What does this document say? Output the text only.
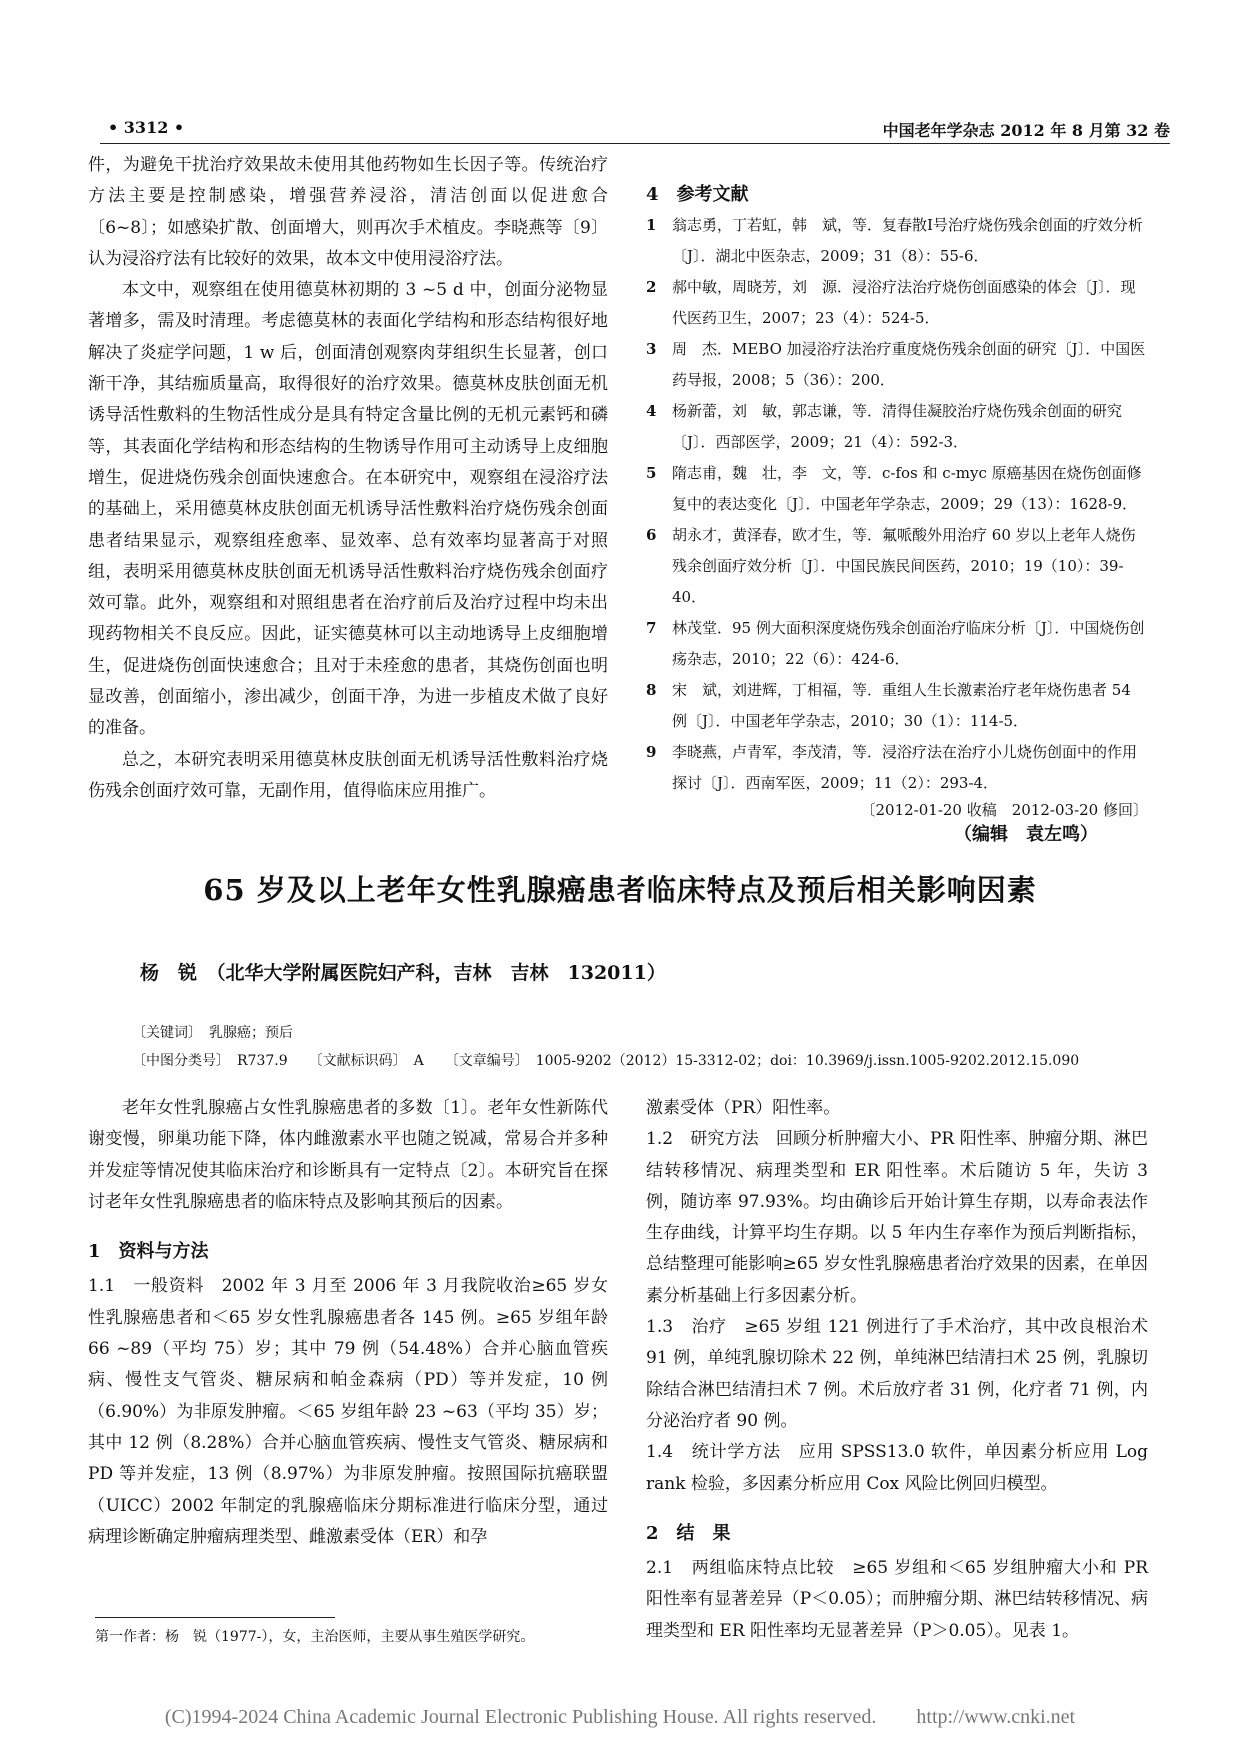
• 3312 •	中国老年学杂志 2012 年 8 月第 32 卷

件，为避免干扰治疗效果故未使用其他药物如生长因子等。传统治疗方法主要是控制感染，增强营养浸浴，清洁创面以促进愈合〔6~8〕；如感染扩散、创面增大，则再次手术植皮。李晓燕等〔9〕认为浸浴疗法有比较好的效果，故本文中使用浸浴疗法。

本文中，观察组在使用德莫林初期的 3 ~5 d 中，创面分泌物显著增多，需及时清理。考虑德莫林的表面化学结构和形态结构很好地解决了炎症学问题，1 w 后，创面清创观察肉芽组织生长显著，创口渐干净，其结痂质量高，取得很好的治疗效果。德莫林皮肤创面无机诱导活性敷料的生物活性成分是具有特定含量比例的无机元素钙和磷等，其表面化学结构和形态结构的生物诱导作用可主动诱导上皮细胞增生，促进烧伤残余创面快速愈合。在本研究中，观察组在浸浴疗法的基础上，采用德莫林皮肤创面无机诱导活性敷料治疗烧伤残余创面患者结果显示，观察组痊愈率、显效率、总有效率均显著高于对照组，表明采用德莫林皮肤创面无机诱导活性敷料治疗烧伤残余创面疗效可靠。此外，观察组和对照组患者在治疗前后及治疗过程中均未出现药物相关不良反应。因此，证实德莫林可以主动地诱导上皮细胞增生，促进烧伤创面快速愈合；且对于未痊愈的患者，其烧伤创面也明显改善，创面缩小，渗出减少，创面干净，为进一步植皮术做了良好的准备。

总之，本研究表明采用德莫林皮肤创面无机诱导活性敷料治疗烧伤残余创面疗效可靠，无副作用，值得临床应用推广。

4　参考文献
1	翁志勇，丁若虹，韩　斌，等．复春散Ⅰ号治疗烧伤残余创面的疗效分析〔J〕．湖北中医杂志，2009；31（8）：55-6．
2	郝中敏，周晓芳，刘　源．浸浴疗法治疗烧伤创面感染的体会〔J〕．现代医药卫生，2007；23（4）：524-5．
3	周　杰．MEBO 加浸浴疗法治疗重度烧伤残余创面的研究〔J〕．中国医药导报，2008；5（36）：200．
4	杨新蕾，刘　敏，郭志谦，等．清得佳凝胶治疗烧伤残余创面的研究〔J〕．西部医学，2009；21（4）：592-3．
5	隋志甫，魏　壮，李　文，等．c-fos 和 c-myc 原癌基因在烧伤创面修复中的表达变化〔J〕．中国老年学杂志，2009；29（13）：1628-9．
6	胡永才，黄泽春，欧才生，等．氟哌酸外用治疗 60 岁以上老年人烧伤残余创面疗效分析〔J〕．中国民族民间医药，2010；19（10）：39-40．
7	林茂堂．95 例大面积深度烧伤残余创面治疗临床分析〔J〕．中国烧伤创疡杂志，2010；22（6）：424-6．
8	宋　斌，刘进辉，丁相福，等．重组人生长激素治疗老年烧伤患者 54 例〔J〕．中国老年学杂志，2010；30（1）：114-5．
9	李晓燕，卢青军，李茂清，等．浸浴疗法在治疗小儿烧伤创面中的作用探讨〔J〕．西南军医，2009；11（2）：293-4．
〔2012-01-20 收稿　2012-03-20 修回〕
（编辑　袁左鸣）
65 岁及以上老年女性乳腺癌患者临床特点及预后相关影响因素
杨　锐　（北华大学附属医院妇产科，吉林　吉林　132011）
〔关键词〕　乳腺癌；预后
〔中图分类号〕　R737.9　　〔文献标识码〕　A　　〔文章编号〕　1005-9202（2012）15-3312-02；doi：10.3969/j.issn.1005-9202.2012.15.090

老年女性乳腺癌占女性乳腺癌患者的多数〔1〕。老年女性新陈代谢变慢，卵巢功能下降，体内雌激素水平也随之锐减，常易合并多种并发症等情况使其临床治疗和诊断具有一定特点〔2〕。本研究旨在探讨老年女性乳腺癌患者的临床特点及影响其预后的因素。

1　资料与方法

1.1　一般资料　2002 年 3 月至 2006 年 3 月我院收治≥65 岁女性乳腺癌患者和＜65 岁女性乳腺癌患者各 145 例。≥65 岁组年龄 66 ~89（平均 75）岁；其中 79 例（54.48%）合并心脑血管疾病、慢性支气管炎、糖尿病和帕金森病（PD）等并发症，10 例（6.90%）为非原发肿瘤。＜65 岁组年龄 23 ~63（平均 35）岁；其中 12 例（8.28%）合并心脑血管疾病、慢性支气管炎、糖尿病和 PD 等并发症，13 例（8.97%）为非原发肿瘤。按照国际抗癌联盟（UICC）2002 年制定的乳腺癌临床分期标准进行临床分型，通过病理诊断确定肿瘤病理类型、雌激素受体（ER）和孕

激素受体（PR）阳性率。

1.2　研究方法　回顾分析肿瘤大小、PR 阳性率、肿瘤分期、淋巴结转移情况、病理类型和 ER 阳性率。术后随访 5 年，失访 3 例，随访率 97.93%。均由确诊后开始计算生存期，以寿命表法作生存曲线，计算平均生存期。以 5 年内生存率作为预后判断指标，总结整理可能影响≥65 岁女性乳腺癌患者治疗效果的因素，在单因素分析基础上行多因素分析。

1.3　治疗　≥65 岁组 121 例进行了手术治疗，其中改良根治术 91 例，单纯乳腺切除术 22 例，单纯淋巴结清扫术 25 例，乳腺切除结合淋巴结清扫术 7 例。术后放疗者 31 例，化疗者 71 例，内分泌治疗者 90 例。

1.4　统计学方法　应用 SPSS13.0 软件，单因素分析应用 Log rank 检验，多因素分析应用 Cox 风险比例回归模型。

2　结　果

2.1　两组临床特点比较　≥65 岁组和＜65 岁组肿瘤大小和 PR 阳性率有显著差异（P＜0.05）；而肿瘤分期、淋巴结转移情况、病理类型和 ER 阳性率均无显著差异（P＞0.05）。见表 1。

第一作者：杨　锐（1977-），女，主治医师，主要从事生殖医学研究。
(C)1994-2024 China Academic Journal Electronic Publishing House. All rights reserved.　　http://www.cnki.net
